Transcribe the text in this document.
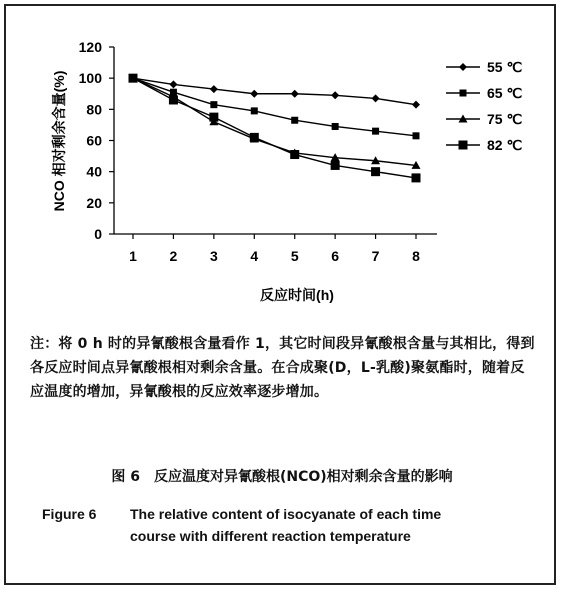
0
20
40
60
80
100
120
1 2 3 4 5 6 7 8
55 ℃
65 ℃
75 ℃
82 ℃
NCO 相对剩余含量(%)
反应时间(h)
注：将 0 h 时的异氰酸根含量看作 1，其它时间段异氰酸根含量与其相比，得到各反应时间点异氰酸根相对剩余含量。在合成聚(D，L-乳酸)聚氨酯时，随着反应温度的增加，异氰酸根的反应效率逐步增加。
图 6　反应温度对异氰酸根(NCO)相对剩余含量的影响
Figure 6 The relative content of isocyanate of each time
course with different reaction temperature
